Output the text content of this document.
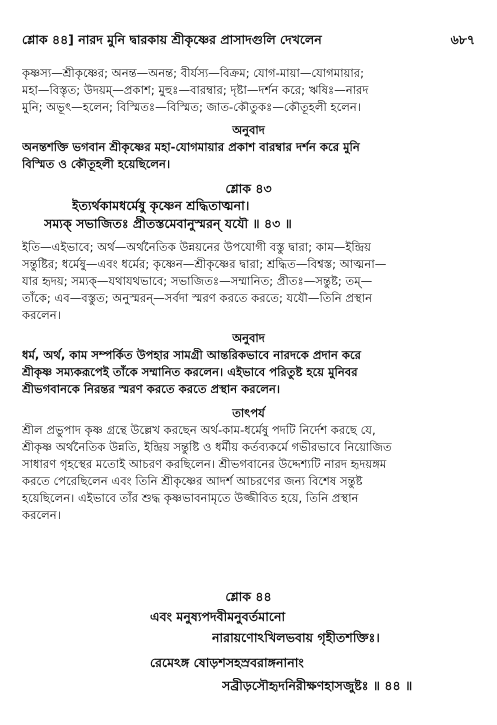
শ্লোক ৪৪] নারদ মুনি দ্বারকায় শ্রীকৃষ্ণের প্রাসাদগুলি দেখলেন	৬৮৭
কৃষ্ণস্য—শ্রীকৃষ্ণের; অনন্ত—অনন্ত; বীর্যস্য—বিক্রম; যোগ-মায়া—যোগমায়ার;
মহা—বিস্তৃত; উদয়ম্—প্রকাশ; মুহুঃ—বারম্বার; দৃষ্টা—দর্শন করে; ঋষিঃ—নারদ
মুনি; অভূৎ—হলেন; বিস্মিতঃ—বিস্মিত; জাত-কৌতুকঃ—কৌতূহলী হলেন।
অনুবাদ
অনন্তশক্তি ভগবান শ্রীকৃষ্ণের মহা-যোগমায়ার প্রকাশ বারম্বার দর্শন করে মুনি
বিস্মিত ও কৌতূহলী হয়েছিলেন।
শ্লোক ৪৩
ইত্যর্থকামধর্মেষু কৃষ্ণেন শ্রদ্ধিতাত্মনা।
সম্যক্ সভাজিতঃ প্রীতস্তমেবানুস্মরন্ যযৌ ॥ ৪৩ ॥
ইতি—এইভাবে; অর্থ—অর্থনৈতিক উন্নয়নের উপযোগী বস্তু দ্বারা; কাম—ইন্দ্রিয়
সন্তুষ্টির; ধর্মেষু—এবং ধর্মের; কৃষ্ণেন—শ্রীকৃষ্ণের দ্বারা; শ্রদ্ধিত—বিশ্বস্ত; আত্মনা—
যার হৃদয়; সম্যক্—যথাযথভাবে; সভাজিতঃ—সম্মানিত; প্রীতঃ—সন্তুষ্ট; তম্—
তাঁকে; এব—বস্তুত; অনুস্মরন্—সর্বদা স্মরণ করতে করতে; যযৌ—তিনি প্রস্থান
করলেন।
অনুবাদ
ধর্ম, অর্থ, কাম সম্পর্কিত উপহার সামগ্রী আন্তরিকভাবে নারদকে প্রদান করে
শ্রীকৃষ্ণ সম্যকরূপেই তাঁকে সম্মানিত করলেন। এইভাবে পরিতুষ্ট হয়ে মুনিবর
শ্রীভগবানকে নিরন্তর স্মরণ করতে করতে প্রস্থান করলেন।
তাৎপর্য
শ্রীল প্রভুপাদ কৃষ্ণ গ্রন্থে উল্লেখ করছেন অর্থ-কাম-ধর্মেষু পদটি নির্দেশ করছে যে,
শ্রীকৃষ্ণ অর্থনৈতিক উন্নতি, ইন্দ্রিয় সন্তুষ্টি ও ধর্মীয় কর্তব্যকর্মে গভীরভাবে নিয়োজিত
সাধারণ গৃহস্থের মতোই আচরণ করছিলেন। শ্রীভগবানের উদ্দেশ্যটি নারদ হৃদয়ঙ্গম
করতে পেরেছিলেন এবং তিনি শ্রীকৃষ্ণের আদর্শ আচরণের জন্য বিশেষ সন্তুষ্ট
হয়েছিলেন। এইভাবে তাঁর শুদ্ধ কৃষ্ণভাবনামৃতে উজ্জীবিত হয়ে, তিনি প্রস্থান
করলেন।
শ্লোক ৪৪
এবং মনুষ্যপদবীমনুবর্তমানো
নারায়ণোঽখিলভবায় গৃহীতশক্তিঃ।
রেমেঽঙ্গ ষোড়শসহস্রবরাঙ্গনানাং
সব্রীড়সৌহৃদনিরীক্ষণহাসজুষ্টঃ ॥ ৪৪ ॥
